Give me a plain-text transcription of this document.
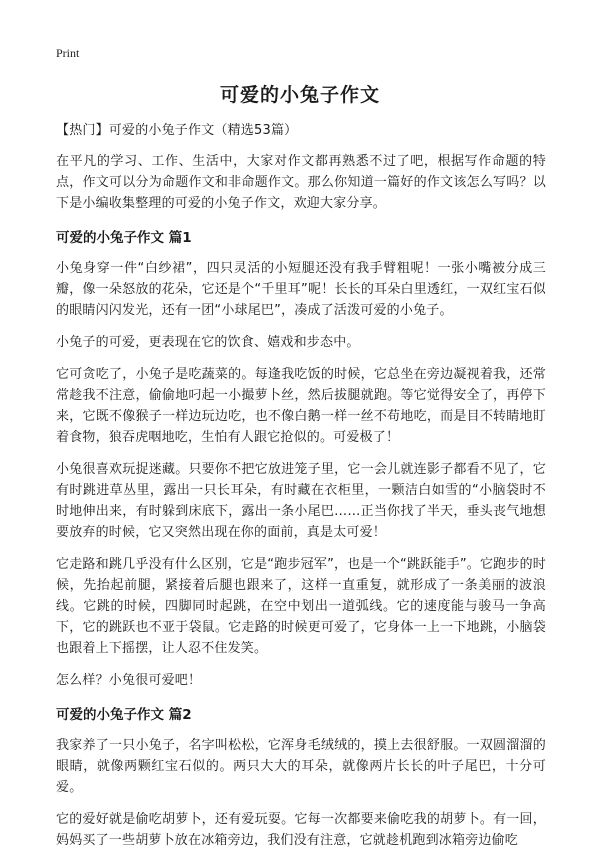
Print
可爱的小兔子作文

【热门】可爱的小兔子作文（精选53篇）

在平凡的学习、工作、生活中，大家对作文都再熟悉不过了吧，根据写作命题的特点，作文可以分为命题作文和非命题作文。那么你知道一篇好的作文该怎么写吗？以下是小编收集整理的可爱的小兔子作文，欢迎大家分享。

可爱的小兔子作文 篇1

小兔身穿一件“白纱裙”，四只灵活的小短腿还没有我手臂粗呢！一张小嘴被分成三瓣，像一朵怒放的花朵，它还是个“千里耳”呢！长长的耳朵白里透红，一双红宝石似的眼睛闪闪发光，还有一团“小球尾巴”，凑成了活泼可爱的小兔子。

小兔子的可爱，更表现在它的饮食、嬉戏和步态中。

它可贪吃了，小兔子是吃蔬菜的。每逢我吃饭的时候，它总坐在旁边凝视着我，还常常趁我不注意，偷偷地叼起一小撮萝卜丝，然后拔腿就跑。等它觉得安全了，再停下来，它既不像猴子一样边玩边吃，也不像白鹅一样一丝不苟地吃，而是目不转睛地盯着食物，狼吞虎咽地吃，生怕有人跟它抢似的。可爱极了！

小兔很喜欢玩捉迷藏。只要你不把它放进笼子里，它一会儿就连影子都看不见了，它有时跳进草丛里，露出一只长耳朵，有时藏在衣柜里，一颗洁白如雪的“小脑袋时不时地伸出来，有时躲到床底下，露出一条小尾巴……正当你找了半天，垂头丧气地想要放弃的时候，它又突然出现在你的面前，真是太可爱！

它走路和跳几乎没有什么区别，它是“跑步冠军”，也是一个“跳跃能手”。它跑步的时候，先抬起前腿，紧接着后腿也跟来了，这样一直重复，就形成了一条美丽的波浪线。它跳的时候，四脚同时起跳，在空中划出一道弧线。它的速度能与骏马一争高下，它的跳跃也不亚于袋鼠。它走路的时候更可爱了，它身体一上一下地跳，小脑袋也跟着上下摇摆，让人忍不住发笑。

怎么样？小兔很可爱吧！

可爱的小兔子作文 篇2

我家养了一只小兔子，名字叫松松，它浑身毛绒绒的，摸上去很舒服。一双圆溜溜的眼睛，就像两颗红宝石似的。两只大大的耳朵，就像两片长长的叶子尾巴，十分可爱。

它的爱好就是偷吃胡萝卜，还有爱玩耍。它每一次都要来偷吃我的胡萝卜。有一回，妈妈买了一些胡萝卜放在冰箱旁边，我们没有注意，它就趁机跑到冰箱旁边偷吃
